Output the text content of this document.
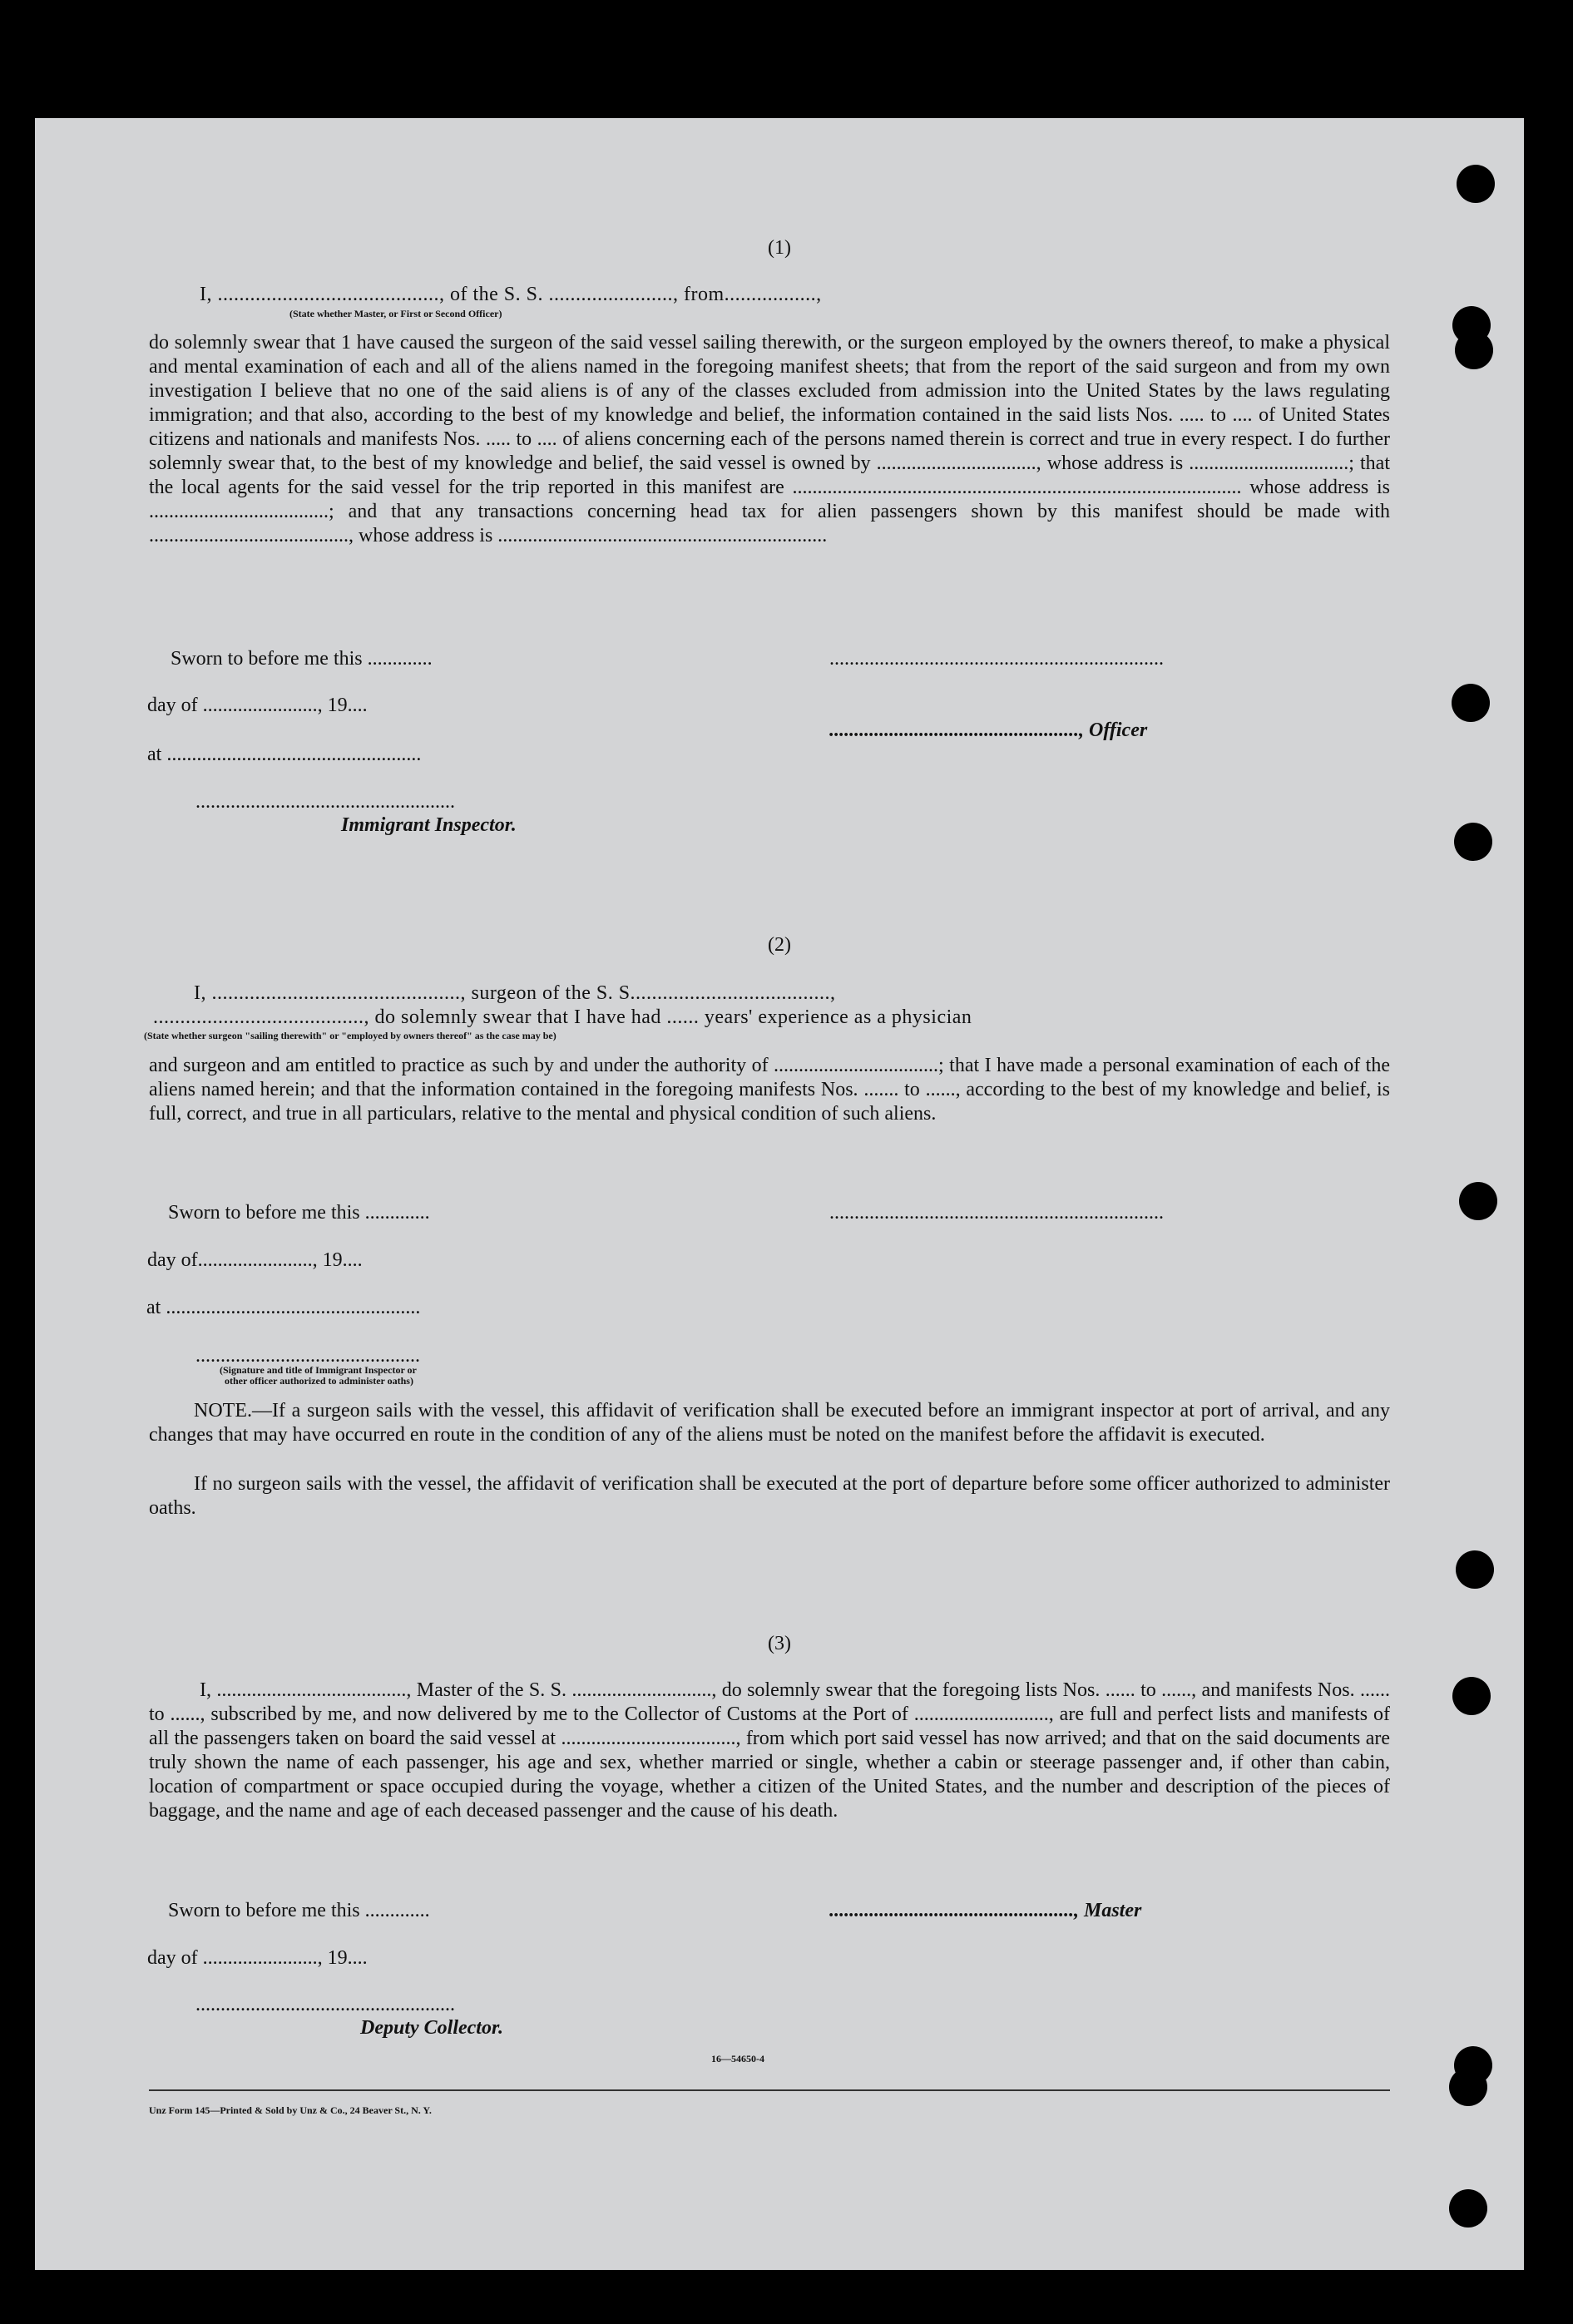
(1)
I, ........................................., of the S. S. ......................., from.................,
(State whether Master, or First or Second Officer)
do solemnly swear that 1 have caused the surgeon of the said vessel sailing therewith, or the surgeon employed by the owners thereof, to make a physical and mental examination of each and all of the aliens named in the foregoing manifest sheets; that from the report of the said surgeon and from my own investigation I believe that no one of the said aliens is of any of the classes excluded from admission into the United States by the laws regulating immigration; and that also, according to the best of my knowledge and belief, the information contained in the said lists Nos. ..... to .... of United States citizens and nationals and manifests Nos. ..... to .... of aliens concerning each of the persons named therein is correct and true in every respect. I do further solemnly swear that, to the best of my knowledge and belief, the said vessel is owned by ................................, whose address is ................................; that the local agents for the said vessel for the trip reported in this manifest are .......................................................................................... whose address is ....................................; and that any transactions concerning head tax for alien passengers shown by this manifest should be made with ........................................, whose address is ..................................................................
Sworn to before me this .............	...................................................................
day of ......................., 19....
.................................................., Officer
at ...................................................
....................................................
Immigrant Inspector.
(2)
I, .............................................., surgeon of the S. S.....................................,
......................................., do solemnly swear that I have had ...... years' experience as a physician
(State whether surgeon "sailing therewith" or "employed by owners thereof" as the case may be)
and surgeon and am entitled to practice as such by and under the authority of .................................; that I have made a personal examination of each of the aliens named herein; and that the information contained in the foregoing manifests Nos. ....... to ......, according to the best of my knowledge and belief, is full, correct, and true in all particulars, relative to the mental and physical condition of such aliens.
Sworn to before me this .............	...................................................................
day of......................., 19....
at ...................................................
.............................................
(Signature and title of Immigrant Inspector or
other officer authorized to administer oaths)
NOTE.—If a surgeon sails with the vessel, this affidavit of verification shall be executed before an immigrant inspector at port of arrival, and any changes that may have occurred en route in the condition of any of the aliens must be noted on the manifest before the affidavit is executed.
If no surgeon sails with the vessel, the affidavit of verification shall be executed at the port of departure before some officer authorized to administer oaths.
(3)
I, ......................................, Master of the S. S. ............................, do solemnly swear that the foregoing lists Nos. ...... to ......, and manifests Nos. ...... to ......, subscribed by me, and now delivered by me to the Collector of Customs at the Port of ..........................., are full and perfect lists and manifests of all the passengers taken on board the said vessel at ..................................., from which port said vessel has now arrived; and that on the said documents are truly shown the name of each passenger, his age and sex, whether married or single, whether a cabin or steerage passenger and, if other than cabin, location of compartment or space occupied during the voyage, whether a citizen of the United States, and the number and description of the pieces of baggage, and the name and age of each deceased passenger and the cause of his death.
Sworn to before me this .............	................................................., Master
day of ......................., 19....
....................................................
Deputy Collector.
16—54650-4
Unz Form 145—Printed & Sold by Unz & Co., 24 Beaver St., N. Y.
